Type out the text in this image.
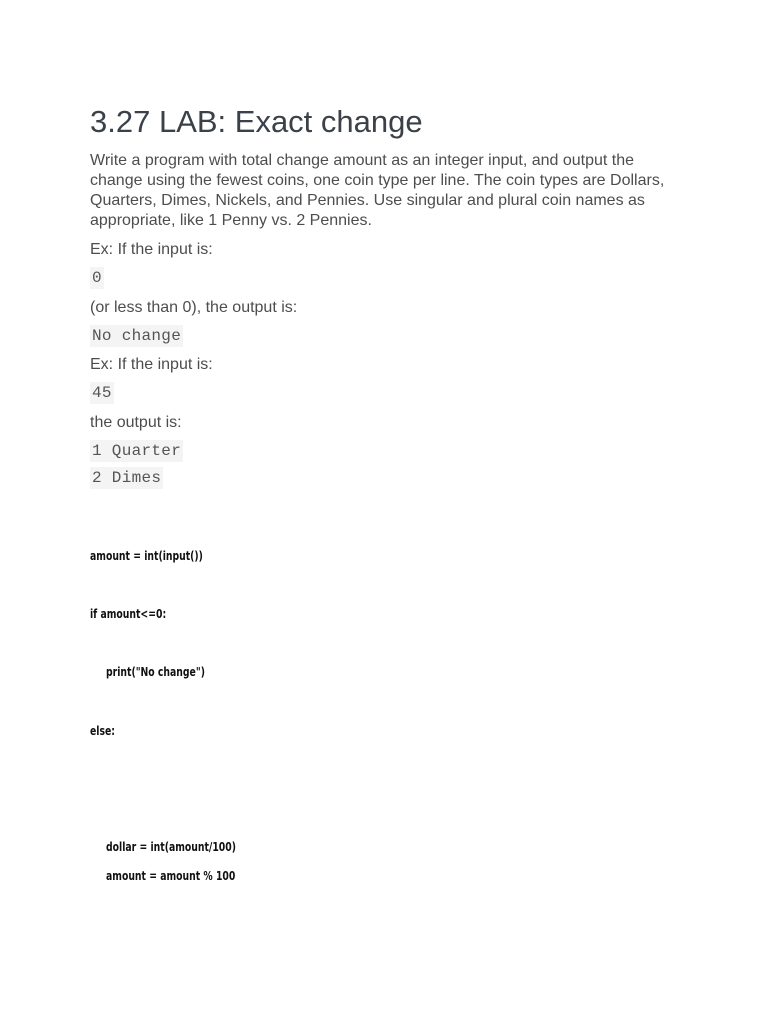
3.27 LAB: Exact change

Write a program with total change amount as an integer input, and output the change using the fewest coins, one coin type per line. The coin types are Dollars, Quarters, Dimes, Nickels, and Pennies. Use singular and plural coin names as appropriate, like 1 Penny vs. 2 Pennies.

Ex: If the input is:

0

(or less than 0), the output is:

No change

Ex: If the input is:

45

the output is:

1 Quarter

2 Dimes

amount = int(input())

if amount<=0:

print("No change")

else:

dollar = int(amount/100)

amount = amount % 100
